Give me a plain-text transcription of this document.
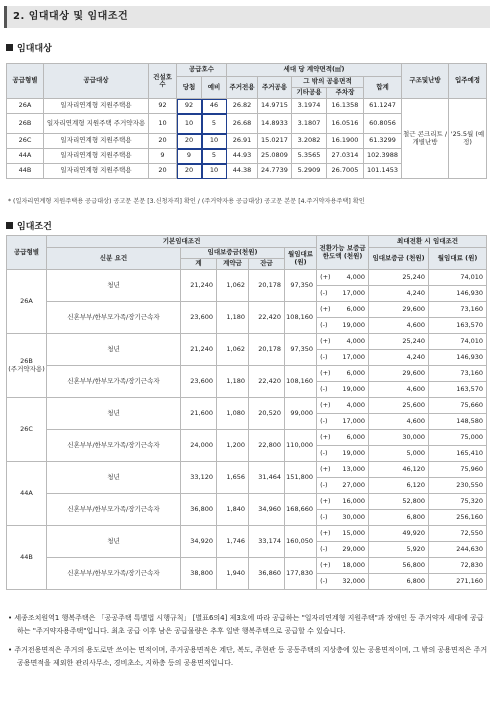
2. 임대대상 및 임대조건
임대대상
공급형별	공급대상	건설호수	공급호수		세대 당 계약면적(㎡)					구조및난방	입주예정
			당첨	예비	주거전용	주거공용	그 밖의 공용면적		합계		
							기타공용	주차장			
26A	일자리연계형 지원주택용	92	92	46	26.82	14.9715	3.1974	16.1358	61.1247	철근 콘크리트 / 개별난방	'25.5월 (예정)
26B	일자리연계형 지원주택 주거약자용	10	10	5	26.68	14.8933	3.1807	16.0516	60.8056		
26C	일자리연계형 지원주택용	20	20	10	26.91	15.0217	3.2082	16.1900	61.3299		
44A	일자리연계형 지원주택용	9	9	5	44.93	25.0809	5.3565	27.0314	102.3988		
44B	일자리연계형 지원주택용	20	20	10	44.38	24.7739	5.2909	26.7005	101.1453		
* (일자리연계형 지원주택용 공급대상) 공고문 본문 [3.신청자격] 확인 / (주거약자용 공급대상) 공고문 본문 [4.주거약자용주택] 확인
임대조건
공급형별	기본임대조건					전환가능 보증금 한도액 (천원)		최대전환 시 임대조건	
	신분 요건	임대보증금(천원)			월임대료(원)			임대보증금 (천원)	월임대료 (원)
		계	계약금	잔금					
26A	청년	21,240	1,062	20,178	97,350	(+)	4,000	25,240	74,010
						(-)	17,000	4,240	146,930
	신혼부부/한부모가족/장기근속자	23,600	1,180	22,420	108,160	(+)	6,000	29,600	73,160
						(-)	19,000	4,600	163,570
26B
(주거약자용)	청년	21,240	1,062	20,178	97,350	(+)	4,000	25,240	74,010
						(-)	17,000	4,240	146,930
	신혼부부/한부모가족/장기근속자	23,600	1,180	22,420	108,160	(+)	6,000	29,600	73,160
						(-)	19,000	4,600	163,570
26C	청년	21,600	1,080	20,520	99,000	(+)	4,000	25,600	75,660
						(-)	17,000	4,600	148,580
	신혼부부/한부모가족/장기근속자	24,000	1,200	22,800	110,000	(+)	6,000	30,000	75,000
						(-)	19,000	5,000	165,410
44A	청년	33,120	1,656	31,464	151,800	(+)	13,000	46,120	75,960
						(-)	27,000	6,120	230,550
	신혼부부/한부모가족/장기근속자	36,800	1,840	34,960	168,660	(+)	16,000	52,800	75,320
						(-)	30,000	6,800	256,160
44B	청년	34,920	1,746	33,174	160,050	(+)	15,000	49,920	72,550
						(-)	29,000	5,920	244,630
	신혼부부/한부모가족/장기근속자	38,800	1,940	36,860	177,830	(+)	18,000	56,800	72,830
						(-)	32,000	6,800	271,160

• 세종조치원역1 행복주택은 「공공주택 특별법 시행규칙」 [별표6의4] 제3호에 따라 공급하는 "일자리연계형 지원주택"과 장애인 등 주거약자 세대에 공급하는 "주거약자용주택"입니다. 최초 공급 이후 남은 공급물량은 추후 일반 행복주택으로 공급할 수 있습니다.

• 주거전용면적은 주거의 용도로만 쓰이는 면적이며, 주거공용면적은 계단, 복도, 주현관 등 공동주택의 지상층에 있는 공용면적이며, 그 밖의 공용면적은 주거공용면적을 제외한 관리사무소, 경비초소, 지하층 등의 공용면적입니다.
